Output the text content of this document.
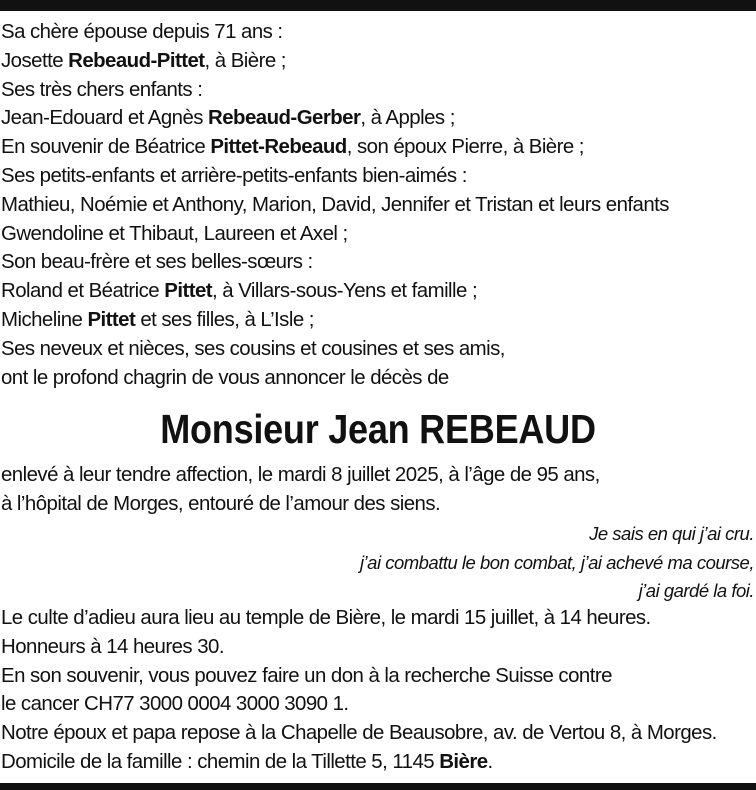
Sa chère épouse depuis 71 ans :
Josette Rebeaud-Pittet, à Bière ;
Ses très chers enfants :
Jean-Edouard et Agnès Rebeaud-Gerber, à Apples ;
En souvenir de Béatrice Pittet-Rebeaud, son époux Pierre, à Bière ;
Ses petits-enfants et arrière-petits-enfants bien-aimés :
Mathieu, Noémie et Anthony, Marion, David, Jennifer et Tristan et leurs enfants
Gwendoline et Thibaut, Laureen et Axel ;
Son beau-frère et ses belles-sœurs :
Roland et Béatrice Pittet, à Villars-sous-Yens et famille ;
Micheline Pittet et ses filles, à L’Isle ;
Ses neveux et nièces, ses cousins et cousines et ses amis,
ont le profond chagrin de vous annoncer le décès de
Monsieur Jean REBEAUD
enlevé à leur tendre affection, le mardi 8 juillet 2025, à l’âge de 95 ans,
à l’hôpital de Morges, entouré de l’amour des siens.
Je sais en qui j’ai cru.
j’ai combattu le bon combat, j’ai achevé ma course,
j’ai gardé la foi.
Le culte d’adieu aura lieu au temple de Bière, le mardi 15 juillet, à 14 heures.
Honneurs à 14 heures 30.
En son souvenir, vous pouvez faire un don à la recherche Suisse contre
le cancer CH77 3000 0004 3000 3090 1.
Notre époux et papa repose à la Chapelle de Beausobre, av. de Vertou 8, à Morges.
Domicile de la famille : chemin de la Tillette 5, 1145 Bière.
